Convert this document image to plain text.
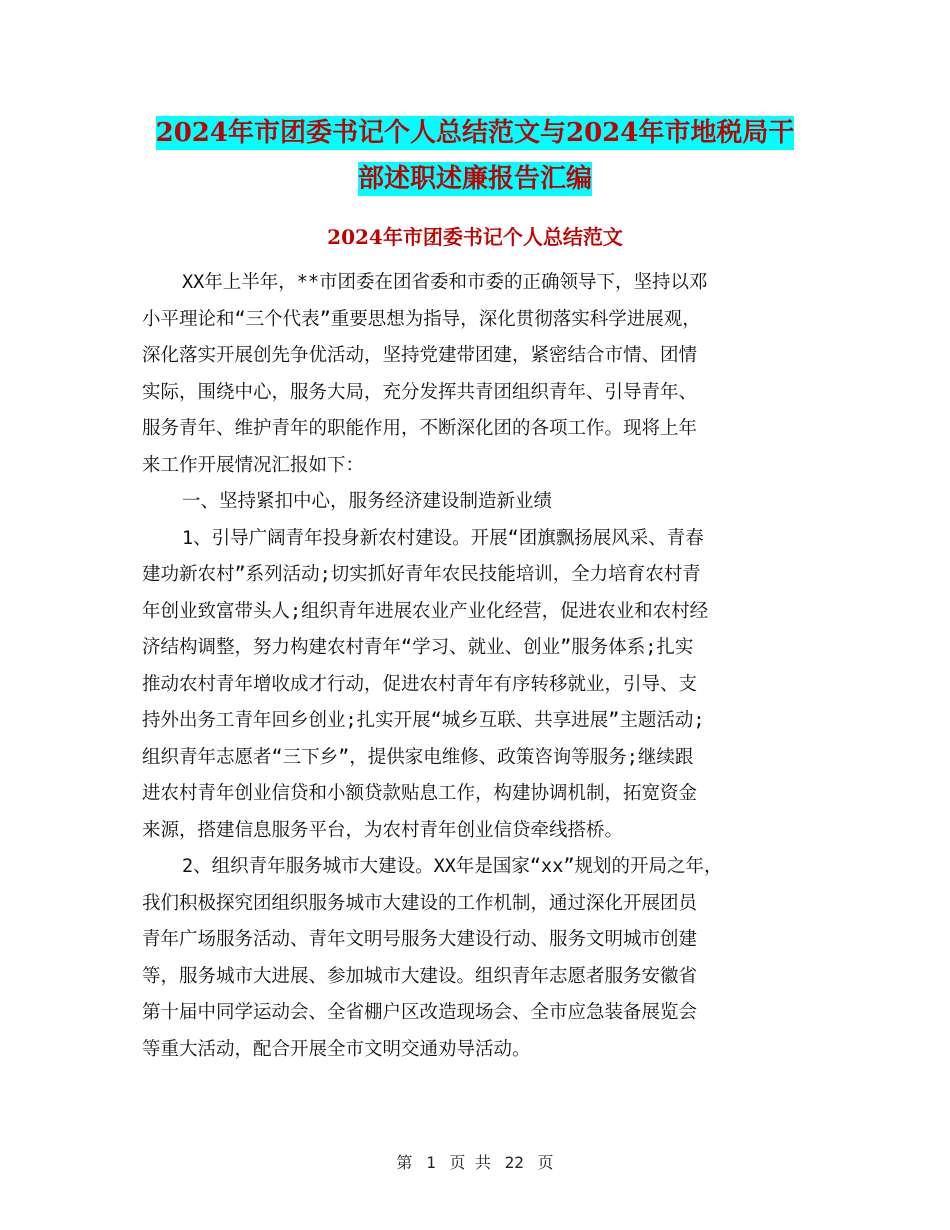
2024年市团委书记个人总结范文与2024年市地税局干
部述职述廉报告汇编
2024年市团委书记个人总结范文

XX年上半年，**市团委在团省委和市委的正确领导下，坚持以邓
小平理论和“三个代表”重要思想为指导，深化贯彻落实科学进展观，
深化落实开展创先争优活动，坚持党建带团建，紧密结合市情、团情
实际，围绕中心，服务大局，充分发挥共青团组织青年、引导青年、
服务青年、维护青年的职能作用，不断深化团的各项工作。现将上年
来工作开展情况汇报如下：

一、坚持紧扣中心，服务经济建设制造新业绩

1、引导广阔青年投身新农村建设。开展“团旗飘扬展风采、青春
建功新农村”系列活动;切实抓好青年农民技能培训，全力培育农村青
年创业致富带头人;组织青年进展农业产业化经营，促进农业和农村经
济结构调整，努力构建农村青年“学习、就业、创业”服务体系;扎实
推动农村青年增收成才行动，促进农村青年有序转移就业，引导、支
持外出务工青年回乡创业;扎实开展“城乡互联、共享进展”主题活动;
组织青年志愿者“三下乡”，提供家电维修、政策咨询等服务;继续跟
进农村青年创业信贷和小额贷款贴息工作，构建协调机制，拓宽资金
来源，搭建信息服务平台，为农村青年创业信贷牵线搭桥。

2、组织青年服务城市大建设。XX年是国家“xx”规划的开局之年，
我们积极探究团组织服务城市大建设的工作机制，通过深化开展团员
青年广场服务活动、青年文明号服务大建设行动、服务文明城市创建
等，服务城市大进展、参加城市大建设。组织青年志愿者服务安徽省
第十届中同学运动会、全省棚户区改造现场会、全市应急装备展览会
等重大活动，配合开展全市文明交通劝导活动。

第 1 页 共 22 页
